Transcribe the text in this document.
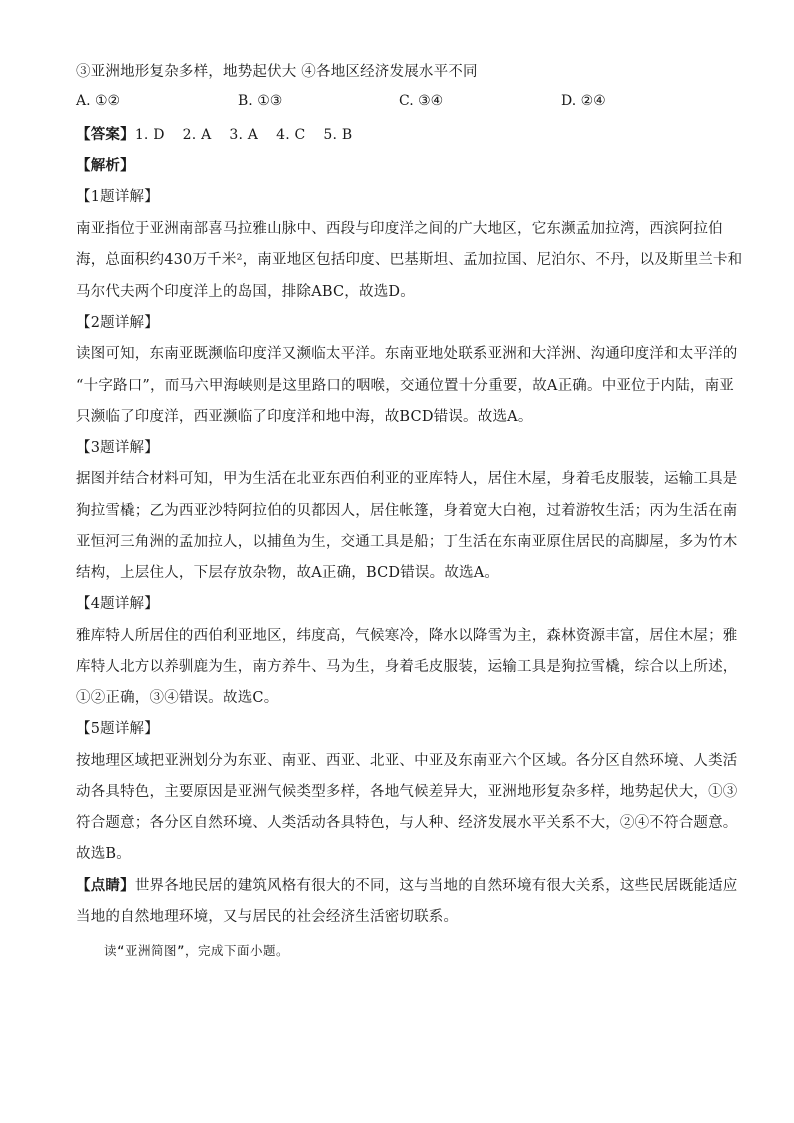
③亚洲地形复杂多样，地势起伏大 ④各地区经济发展水平不同
A. ①②	B. ①③	C. ③④	D. ②④
【答案】1. D 2. A 3. A 4. C 5. B
【解析】
【1题详解】
南亚指位于亚洲南部喜马拉雅山脉中、西段与印度洋之间的广大地区，它东濒孟加拉湾，西滨阿拉伯
海，总面积约430万千米²，南亚地区包括印度、巴基斯坦、孟加拉国、尼泊尔、不丹，以及斯里兰卡和
马尔代夫两个印度洋上的岛国，排除ABC，故选D。
【2题详解】
读图可知，东南亚既濒临印度洋又濒临太平洋。东南亚地处联系亚洲和大洋洲、沟通印度洋和太平洋的
“十字路口”，而马六甲海峡则是这里路口的咽喉，交通位置十分重要，故A正确。中亚位于内陆，南亚
只濒临了印度洋，西亚濒临了印度洋和地中海，故BCD错误。故选A。
【3题详解】
据图并结合材料可知，甲为生活在北亚东西伯利亚的亚库特人，居住木屋，身着毛皮服装，运输工具是
狗拉雪橇；乙为西亚沙特阿拉伯的贝都因人，居住帐篷，身着宽大白袍，过着游牧生活；丙为生活在南
亚恒河三角洲的孟加拉人，以捕鱼为生，交通工具是船；丁生活在东南亚原住居民的高脚屋，多为竹木
结构，上层住人，下层存放杂物，故A正确，BCD错误。故选A。
【4题详解】
雅库特人所居住的西伯利亚地区，纬度高，气候寒冷，降水以降雪为主，森林资源丰富，居住木屋；雅
库特人北方以养驯鹿为生，南方养牛、马为生，身着毛皮服装，运输工具是狗拉雪橇，综合以上所述，
①②正确，③④错误。故选C。
【5题详解】
按地理区域把亚洲划分为东亚、南亚、西亚、北亚、中亚及东南亚六个区域。各分区自然环境、人类活
动各具特色，主要原因是亚洲气候类型多样，各地气候差异大，亚洲地形复杂多样，地势起伏大，①③
符合题意；各分区自然环境、人类活动各具特色，与人种、经济发展水平关系不大，②④不符合题意。
故选B。
【点睛】世界各地民居的建筑风格有很大的不同，这与当地的自然环境有很大关系，这些民居既能适应
当地的自然地理环境，又与居民的社会经济生活密切联系。
读“亚洲简图”，完成下面小题。
